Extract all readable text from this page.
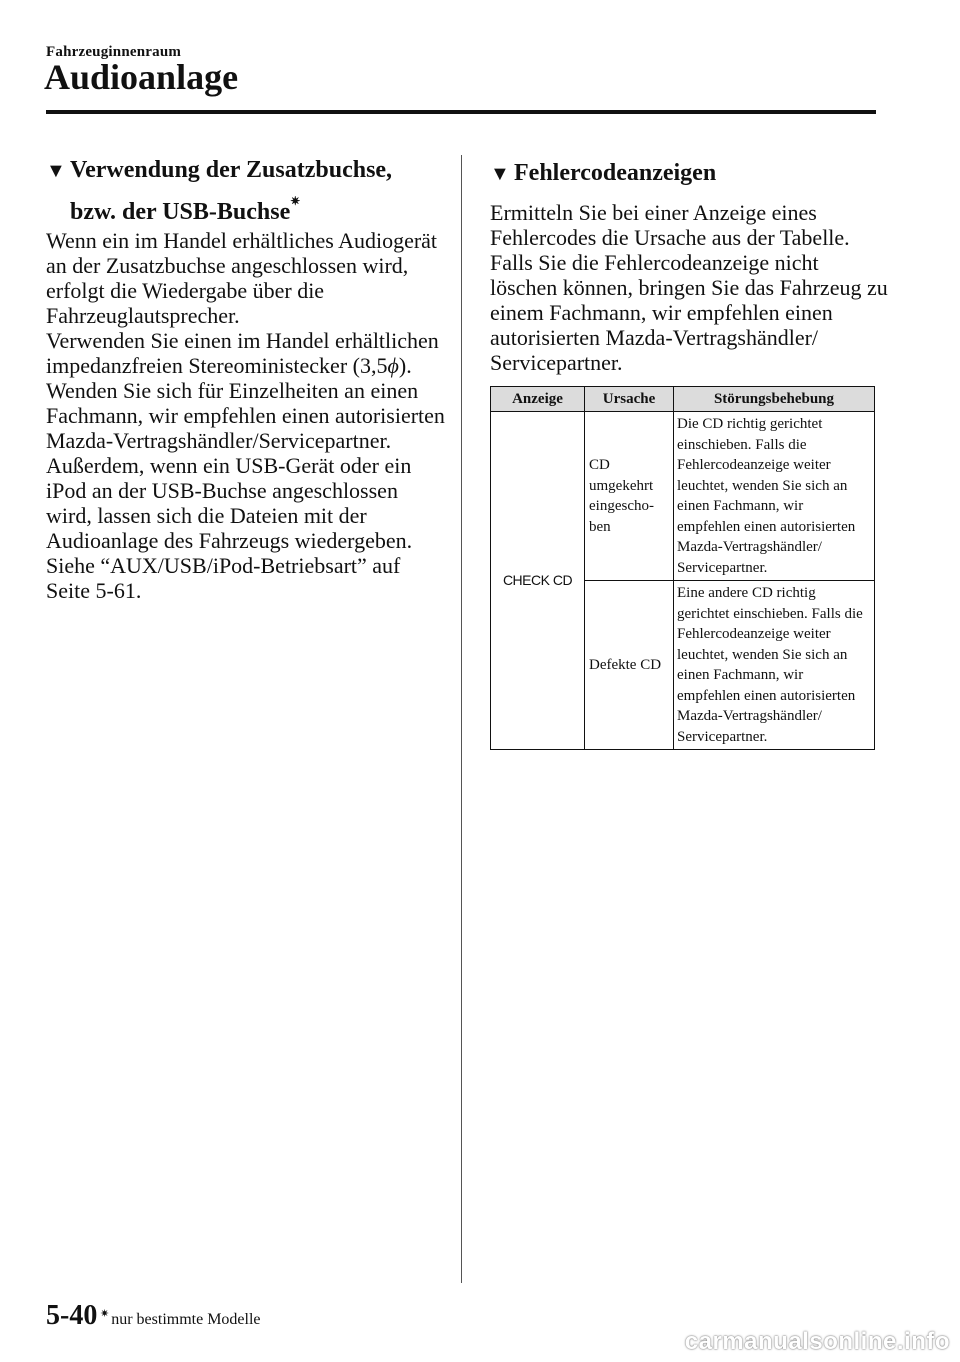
Fahrzeuginnenraum
Audioanlage
▼ Verwendung der Zusatzbuchse,
bzw. der USB-Buchse✷

Wenn ein im Handel erhältliches Audiogerät an der Zusatzbuchse angeschlossen wird, erfolgt die Wiedergabe über die Fahrzeuglautsprecher.

Verwenden Sie einen im Handel erhältlichen impedanzfreien Stereoministecker (3,5ϕ). Wenden Sie sich für Einzelheiten an einen Fachmann, wir empfehlen einen autorisierten Mazda-Vertragshändler/Servicepartner.

Außerdem, wenn ein USB-Gerät oder ein iPod an der USB-Buchse angeschlossen wird, lassen sich die Dateien mit der Audioanlage des Fahrzeugs wiedergeben.

Siehe “AUX/USB/iPod-Betriebsart” auf Seite 5-61.

▼ Fehlercodeanzeigen

Ermitteln Sie bei einer Anzeige eines Fehlercodes die Ursache aus der Tabelle. Falls Sie die Fehlercodeanzeige nicht löschen können, bringen Sie das Fahrzeug zu einem Fachmann, wir empfehlen einen autorisierten Mazda-Vertragshändler/ Servicepartner.

Anzeige	Ursache	Störungsbehebung
CHECK CD	CD umgekehrt eingescho-ben	Die CD richtig gerichtet einschieben. Falls die Fehlercodeanzeige weiter leuchtet, wenden Sie sich an einen Fachmann, wir empfehlen einen autorisierten Mazda-Vertragshändler/ Servicepartner.
	Defekte CD	Eine andere CD richtig gerichtet einschieben. Falls die Fehlercodeanzeige weiter leuchtet, wenden Sie sich an einen Fachmann, wir empfehlen einen autorisierten Mazda-Vertragshändler/ Servicepartner.
5-40 ✷ nur bestimmte Modelle
carmanualsonline.info
